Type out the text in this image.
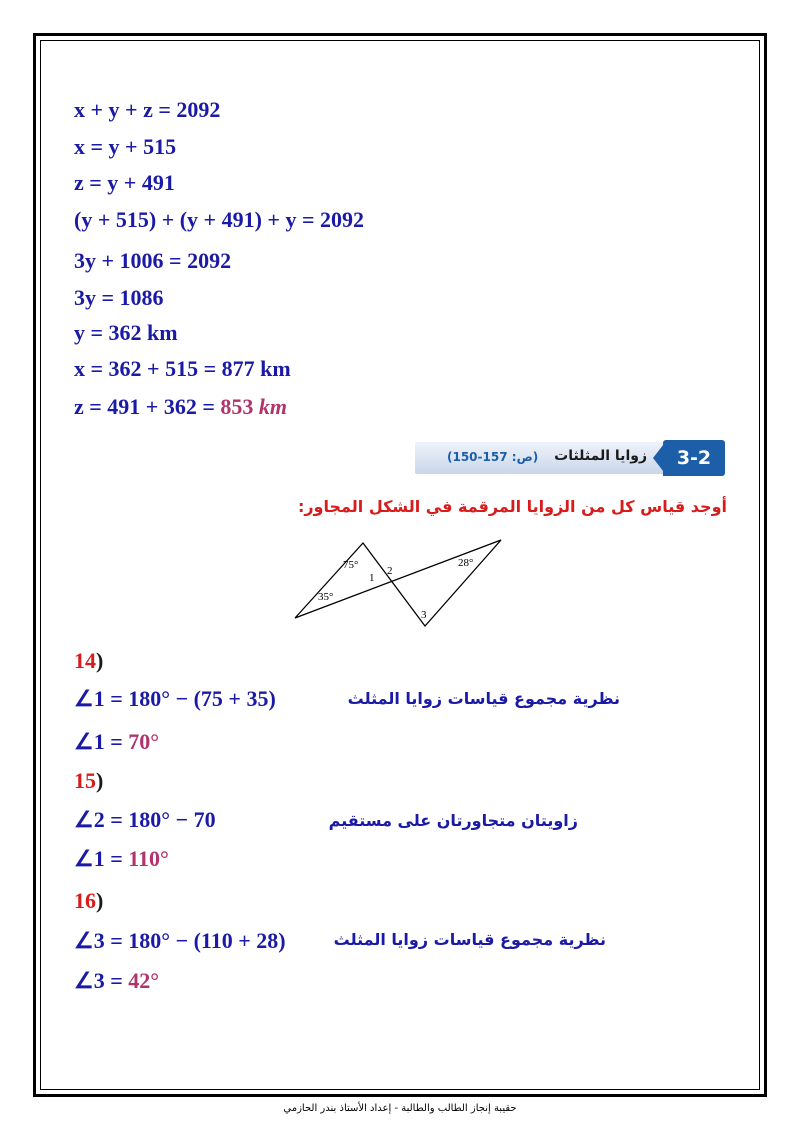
x + y + z = 2092
x = y + 515
z = y + 491
(y + 515) + (y + 491) + y = 2092
3y + 1006 = 2092
3y = 1086
y = 362 km
x = 362 + 515 = 877 km
z = 491 + 362 = 853 km
3-2
زوايا المثلثات
(ص: 157-150)
أوجد قياس كل من الزوايا المرقمة في الشكل المجاور:
75°	28°
35°
1
2
3
14)
∠1 = 180° − (75 + 35)	نظرية مجموع قياسات زوايا المثلث
∠1 = 70°
15)
∠2 = 180° − 70	زاويتان متجاورتان على مستقيم
∠1 = 110°
16)
∠3 = 180° − (110 + 28)	نظرية مجموع قياسات زوايا المثلث
∠3 = 42°
حقيبة إنجاز الطالب والطالبة - إعداد الأستاذ بندر الحازمي
